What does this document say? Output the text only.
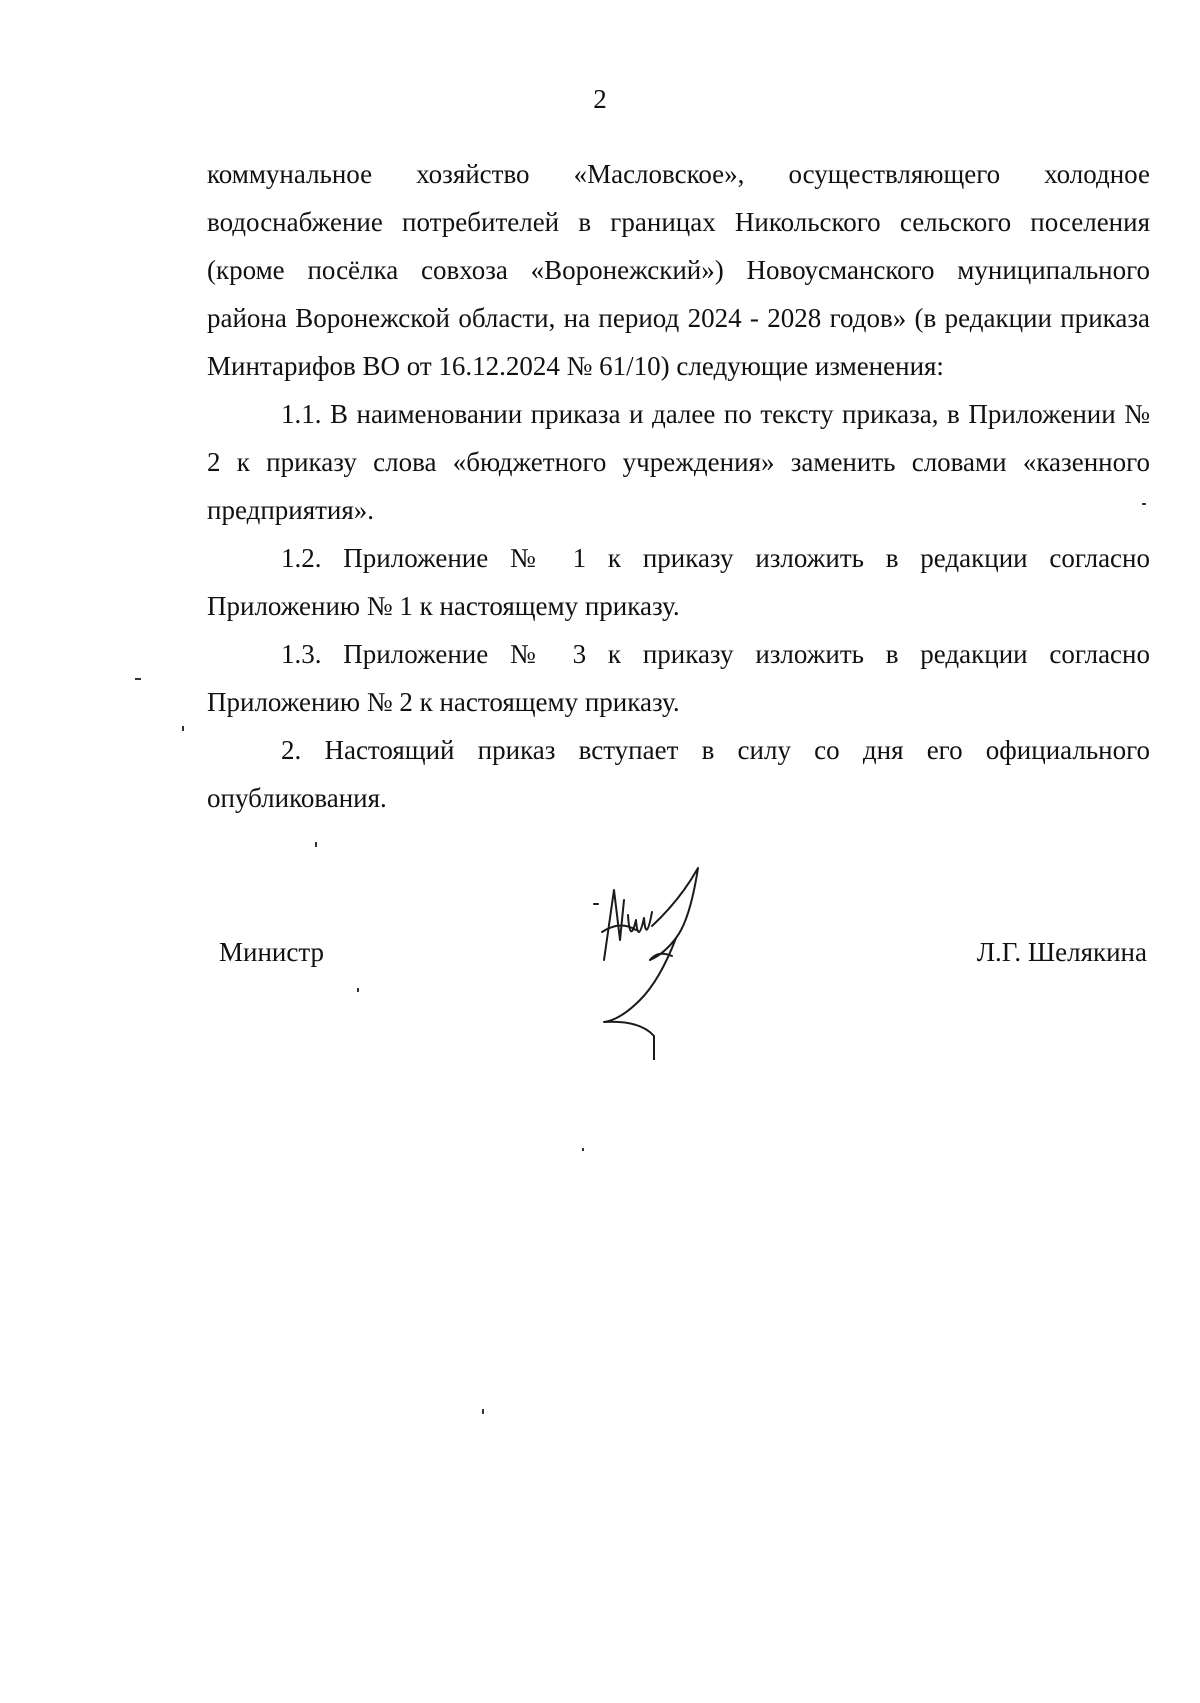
2

коммунальное хозяйство «Масловское», осуществляющего холодное водоснабжение потребителей в границах Никольского сельского поселения (кроме посёлка совхоза «Воронежский») Новоусманского муниципального района Воронежской области, на период 2024 - 2028 годов» (в редакции приказа Минтарифов ВО от 16.12.2024 № 61/10) следующие изменения:

1.1. В наименовании приказа и далее по тексту приказа, в Приложении № 2 к приказу слова «бюджетного учреждения» заменить словами «казенного предприятия».

1.2. Приложение № 1 к приказу изложить в редакции согласно Приложению № 1 к настоящему приказу.

1.3. Приложение № 3 к приказу изложить в редакции согласно Приложению № 2 к настоящему приказу.

2. Настоящий приказ вступает в силу со дня его официального опубликования.

Министр	Л.Г. Шелякина
